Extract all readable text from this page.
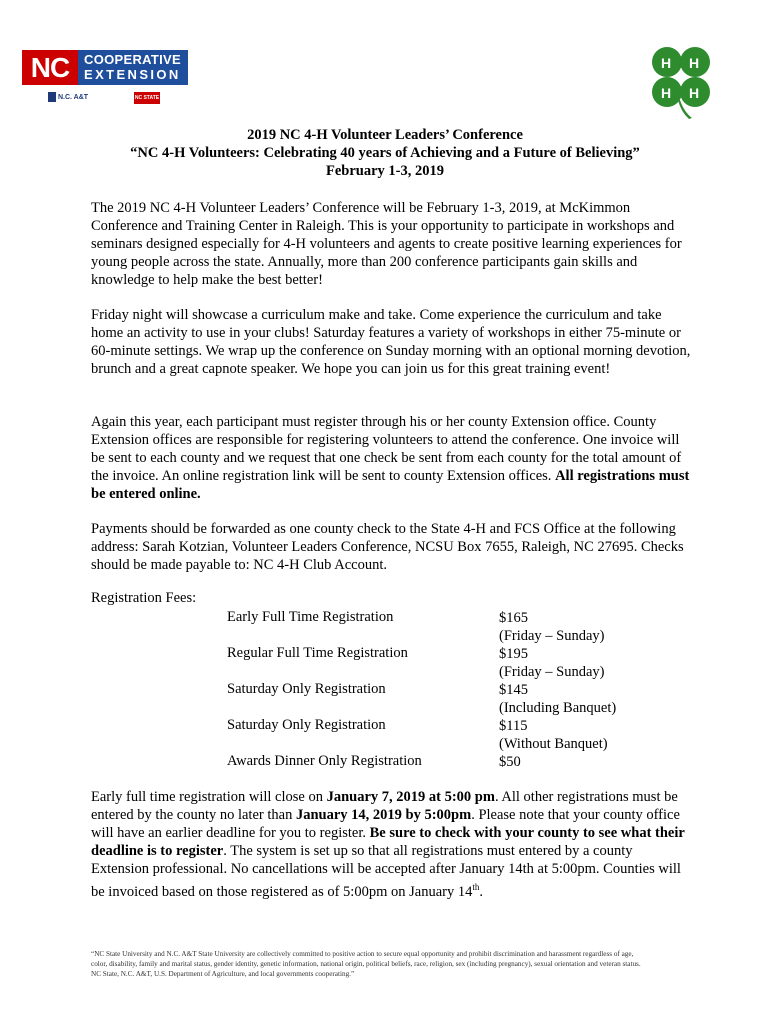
NC	COOPERATIVE
EXTENSION
N.C. A&T	NC STATE
H H
H H
2019 NC 4-H Volunteer Leaders’ Conference
“NC 4-H Volunteers: Celebrating 40 years of Achieving and a Future of Believing”
February 1-3, 2019
The 2019 NC 4-H Volunteer Leaders’ Conference will be February 1-3, 2019, at McKimmon Conference and Training Center in Raleigh. This is your opportunity to participate in workshops and seminars designed especially for 4-H volunteers and agents to create positive learning experiences for young people across the state. Annually, more than 200 conference participants gain skills and knowledge to help make the best better!
Friday night will showcase a curriculum make and take. Come experience the curriculum and take home an activity to use in your clubs! Saturday features a variety of workshops in either 75-minute or 60-minute settings. We wrap up the conference on Sunday morning with an optional morning devotion, brunch and a great capnote speaker. We hope you can join us for this great training event!
Again this year, each participant must register through his or her county Extension office. County Extension offices are responsible for registering volunteers to attend the conference. One invoice will be sent to each county and we request that one check be sent from each county for the total amount of the invoice. An online registration link will be sent to county Extension offices. All registrations must be entered online.
Payments should be forwarded as one county check to the State 4-H and FCS Office at the following address: Sarah Kotzian, Volunteer Leaders Conference, NCSU Box 7655, Raleigh, NC 27695. Checks should be made payable to: NC 4-H Club Account.
Registration Fees:
Early Full Time Registration	$165
(Friday – Sunday)
Regular Full Time Registration	$195
(Friday – Sunday)
Saturday Only Registration	$145
(Including Banquet)
Saturday Only Registration	$115
(Without Banquet)
Awards Dinner Only Registration	$50
Early full time registration will close on January 7, 2019 at 5:00 pm. All other registrations must be entered by the county no later than January 14, 2019 by 5:00pm. Please note that your county office will have an earlier deadline for you to register. Be sure to check with your county to see what their deadline is to register. The system is set up so that all registrations must entered by a county Extension professional. No cancellations will be accepted after January 14th at 5:00pm. Counties will be invoiced based on those registered as of 5:00pm on January 14th.
“NC State University and N.C. A&T State University are collectively committed to positive action to secure equal opportunity and prohibit discrimination and harassment regardless of age,
color, disability, family and marital status, gender identity, genetic information, national origin, political beliefs, race, religion, sex (including pregnancy), sexual orientation and veteran status.
NC State, N.C. A&T, U.S. Department of Agriculture, and local governments cooperating.”
